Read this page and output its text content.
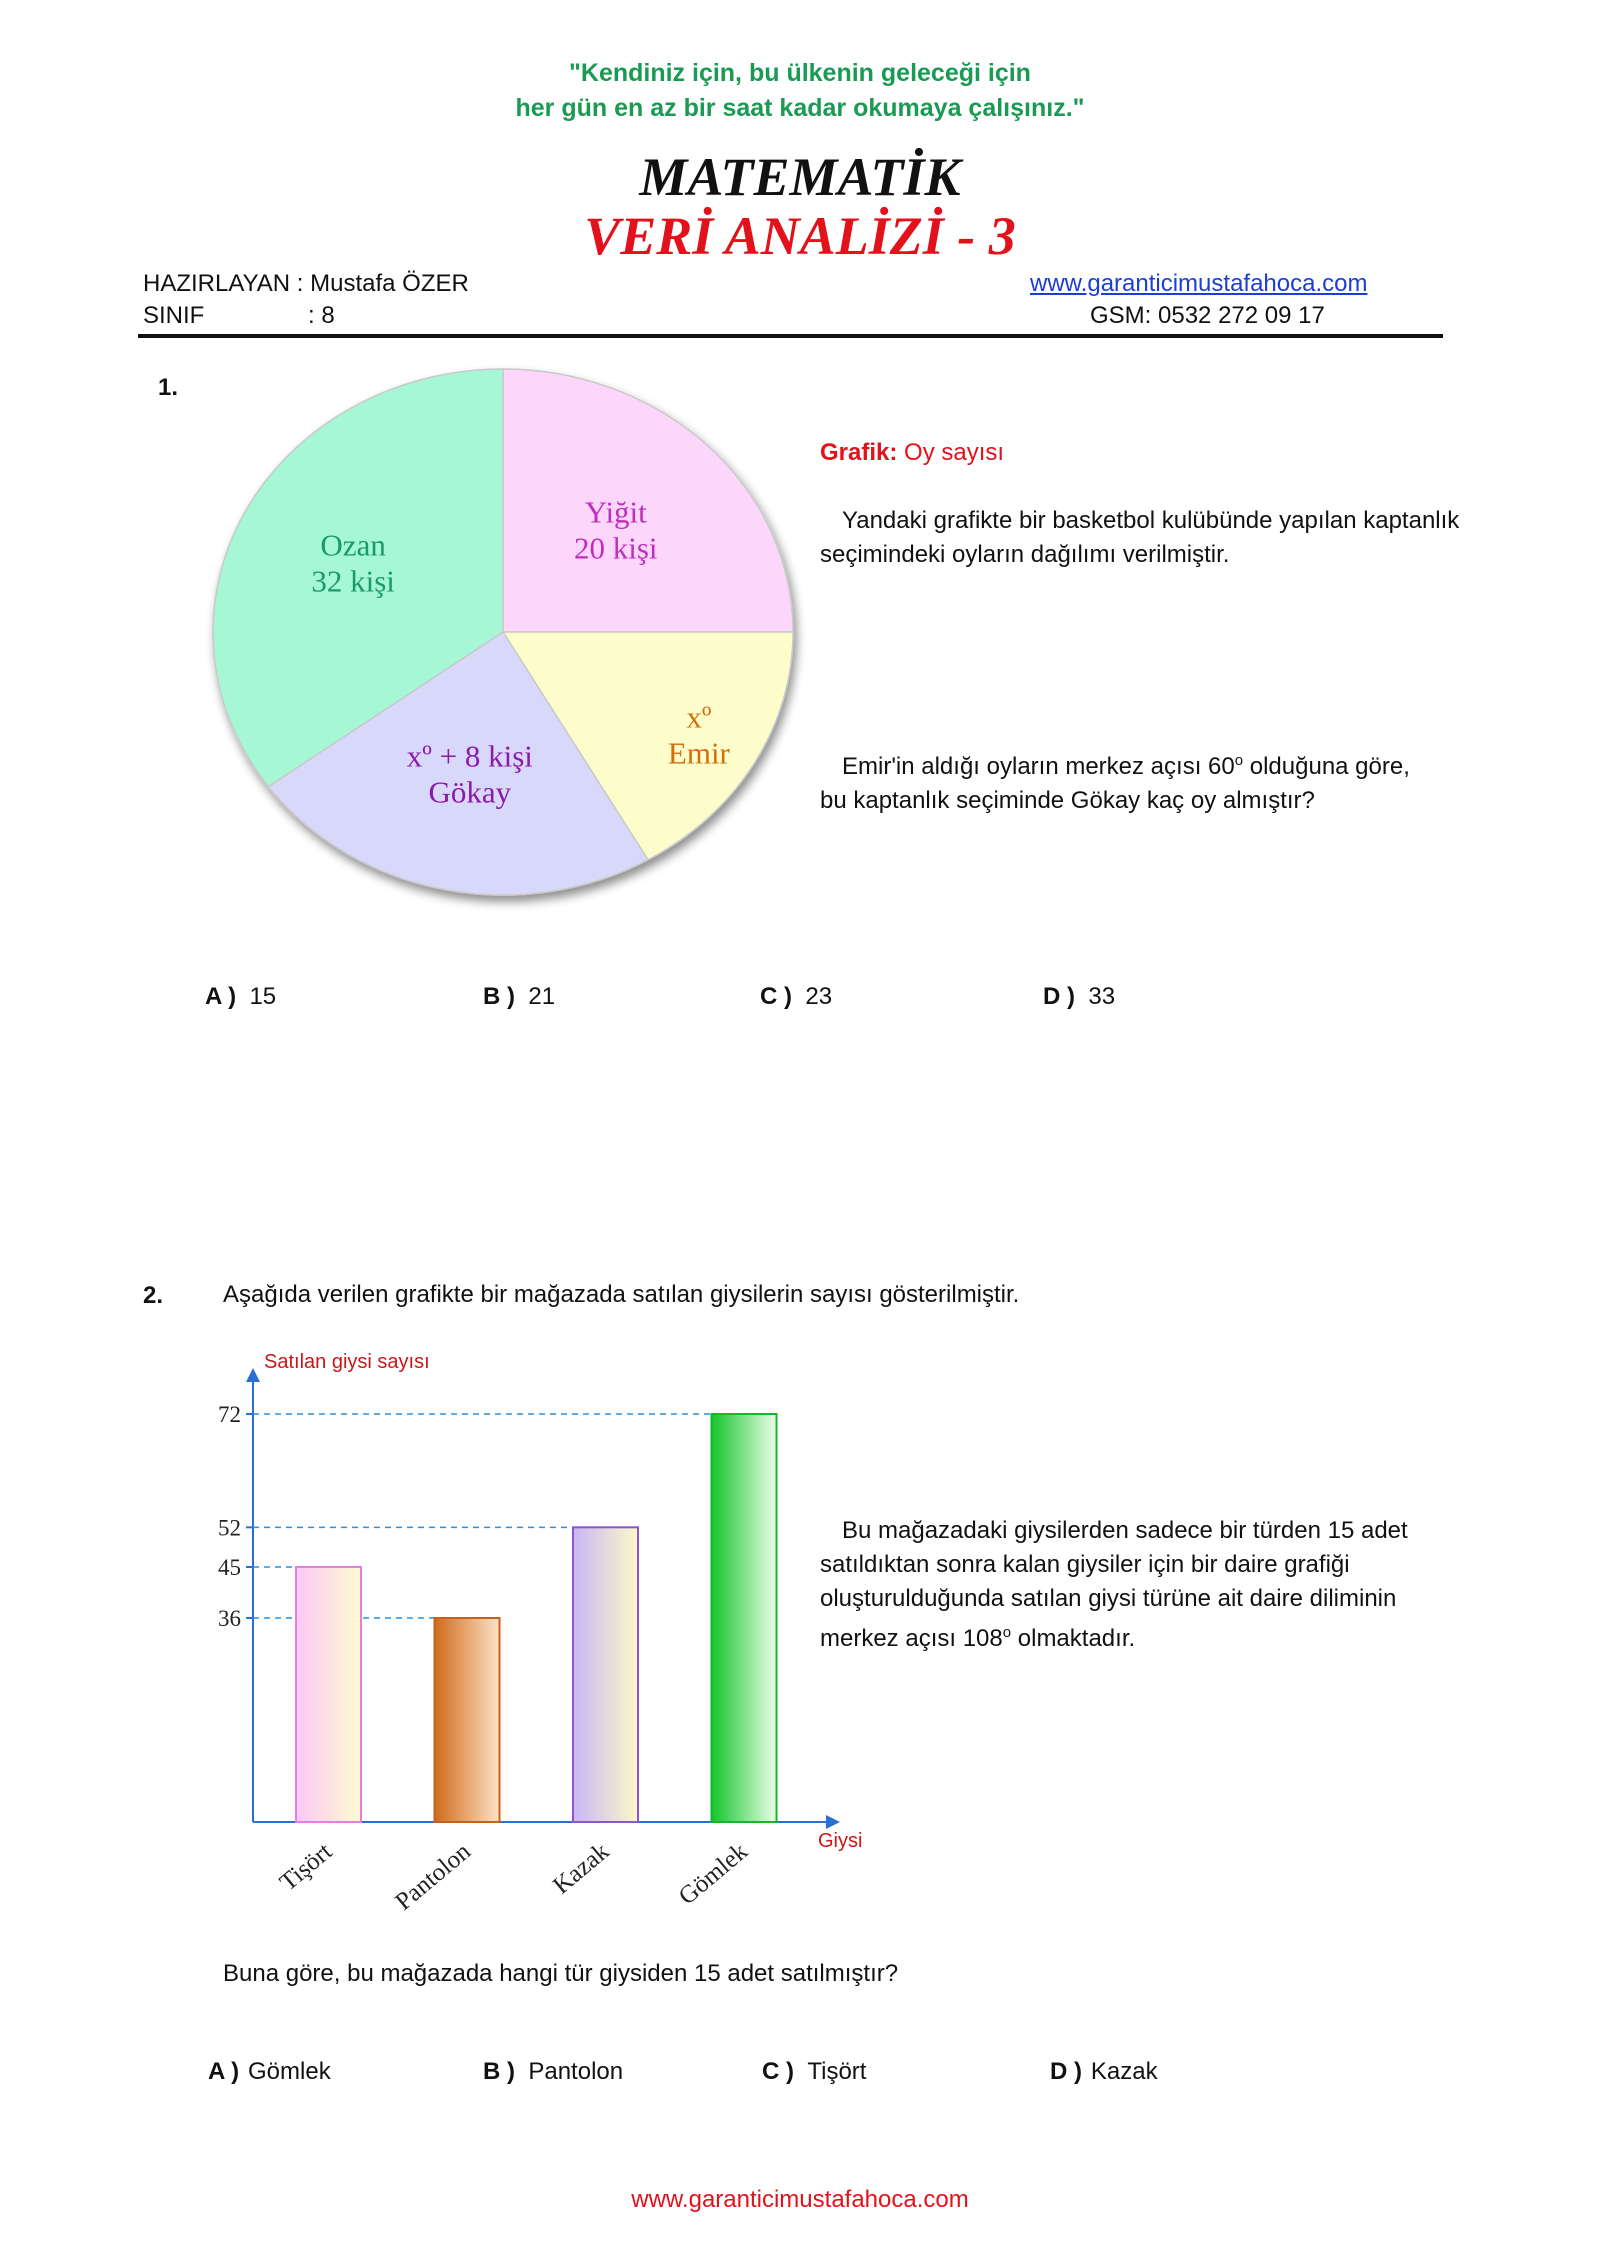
"Kendiniz için, bu ülkenin geleceği için
her gün en az bir saat kadar okumaya çalışınız."
MATEMATİK
VERİ ANALİZİ - 3
HAZIRLAYAN : Mustafa ÖZER
SINIF	: 8
www.garanticimustafahoca.com
GSM: 0532 272 09 17
1.
Yiğit
20 kişi
xº
Emir
xº + 8 kişi
Gökay
Ozan
32 kişi
Grafik: Oy sayısı
Yandaki grafikte bir basketbol kulübünde yapılan kaptanlık seçimindeki oyların dağılımı verilmiştir.
Emir'in aldığı oyların merkez açısı 60$^o$ olduğuna göre, bu kaptanlık seçiminde Gökay kaç oy almıştır?
A ) 15	B ) 21	C ) 23	D ) 33
2. Aşağıda verilen grafikte bir mağazada satılan giysilerin sayısı gösterilmiştir.
Satılan giysi sayısı
Giysi
36
45
52
72
Tişört Pantolon	Kazak Gömlek
Bu mağazadaki giysilerden sadece bir türden 15 adet satıldıktan sonra kalan giysiler için bir daire grafiği oluşturulduğunda satılan giysi türüne ait daire diliminin merkez açısı 108$^o$ olmaktadır.
Buna göre, bu mağazada hangi tür giysiden 15 adet satılmıştır?
A ) Gömlek	B ) Pantolon	C ) Tişört	D ) Kazak
www.garanticimustafahoca.com
